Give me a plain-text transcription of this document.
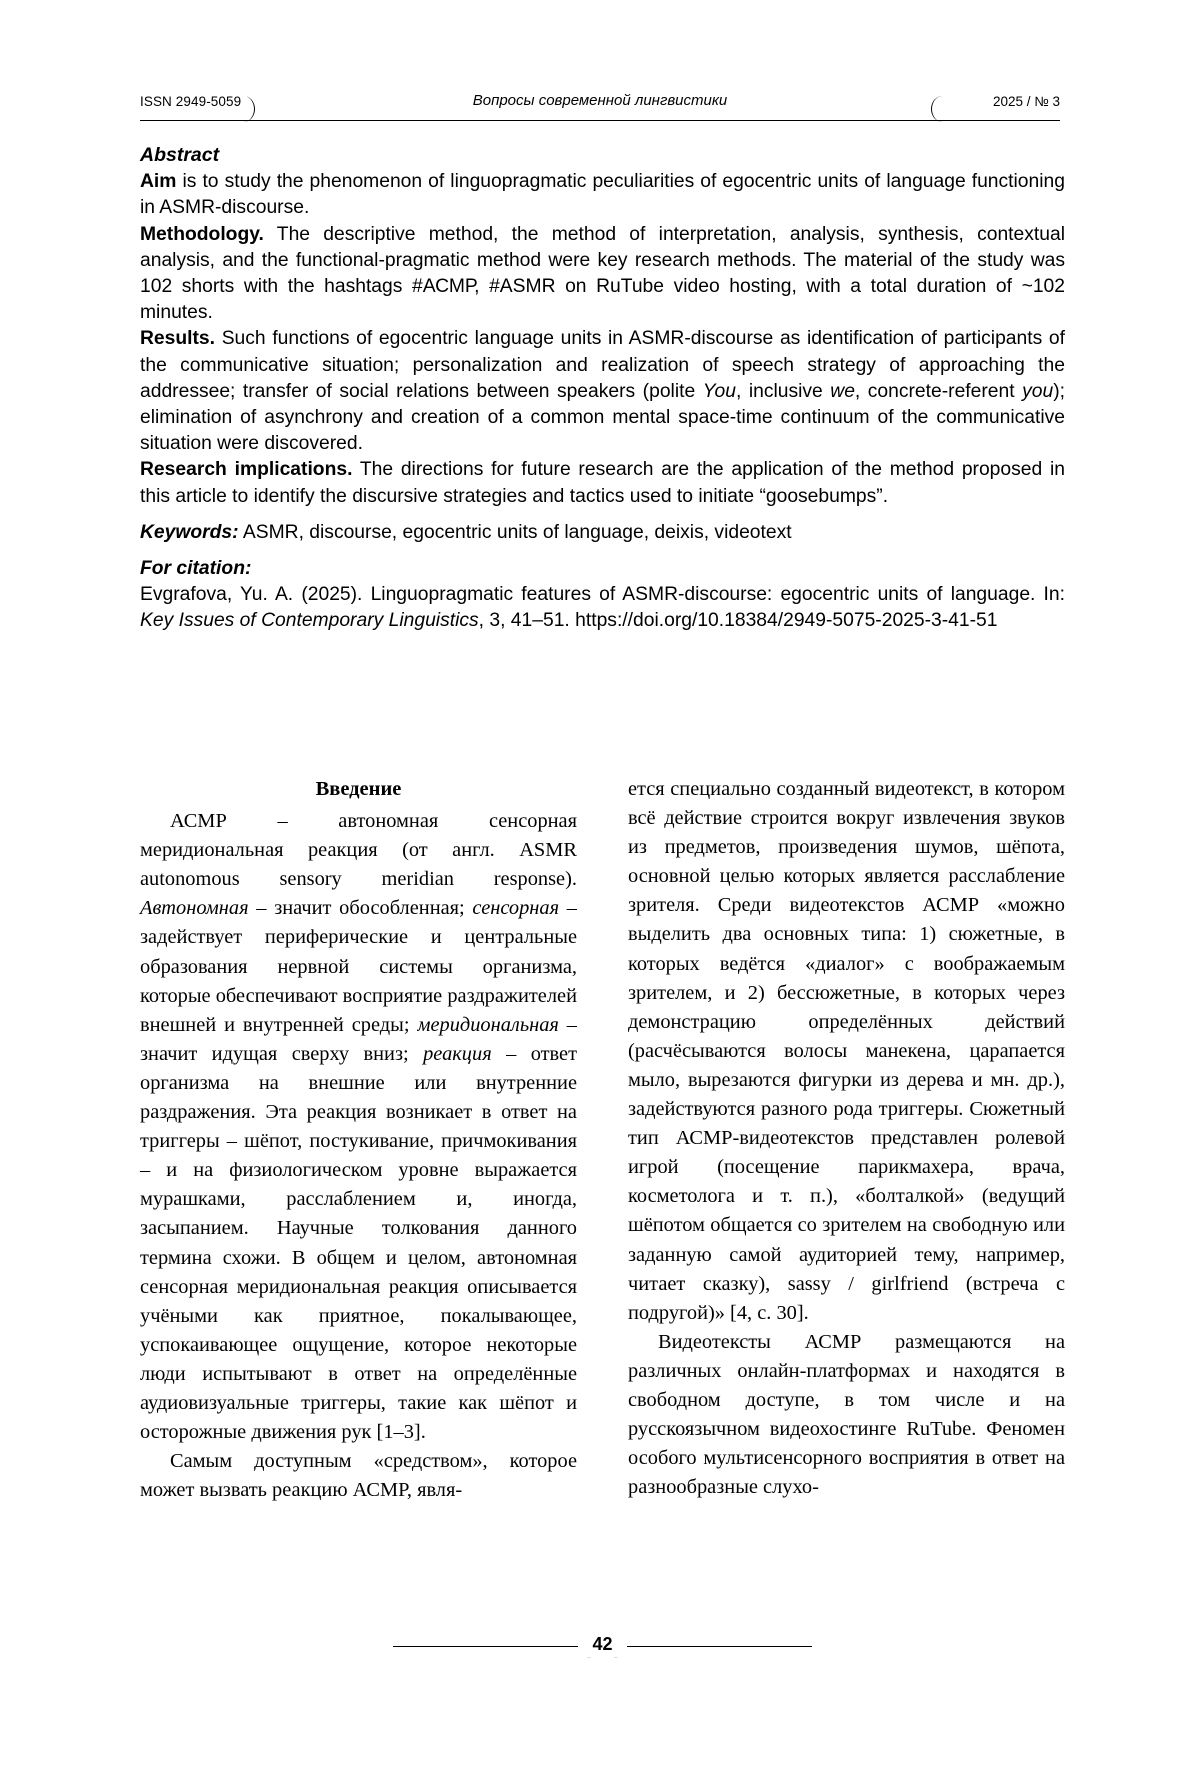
ISSN 2949-5059	Вопросы современной лингвистики	2025 / № 3
Abstract

Aim is to study the phenomenon of linguopragmatic peculiarities of egocentric units of language functioning in ASMR-discourse.

Methodology. The descriptive method, the method of interpretation, analysis, synthesis, contextual analysis, and the functional-pragmatic method were key research methods. The material of the study was 102 shorts with the hashtags #АСМР, #ASMR on RuTube video hosting, with a total duration of ~102 minutes.

Results. Such functions of egocentric language units in ASMR-discourse as identification of participants of the communicative situation; personalization and realization of speech strategy of approaching the addressee; transfer of social relations between speakers (polite You, inclusive we, concrete-referent you); elimination of asynchrony and creation of a common mental space-time continuum of the communicative situation were discovered.

Research implications. The directions for future research are the application of the method proposed in this article to identify the discursive strategies and tactics used to initiate “goosebumps”.

Keywords: ASMR, discourse, egocentric units of language, deixis, videotext

For citation:
Evgrafova, Yu. A. (2025). Linguopragmatic features of ASMR-discourse: egocentric units of language. In: Key Issues of Contemporary Linguistics, 3, 41–51. https://doi.org/10.18384/2949-5075-2025-3-41-51

Введение

АСМР – автономная сенсорная меридиональная реакция (от англ. ASMR autonomous sensory meridian response). Автономная – значит обособленная; сенсорная – задействует периферические и центральные образования нервной системы организма, которые обеспечивают восприятие раздражителей внешней и внутренней среды; меридиональная – значит идущая сверху вниз; реакция – ответ организма на внешние или внутренние раздражения. Эта реакция возникает в ответ на триггеры – шёпот, постукивание, причмокивания – и на физиологическом уровне выражается мурашками, расслаблением и, иногда, засыпанием. Научные толкования данного термина схожи. В общем и целом, автономная сенсорная меридиональная реакция описывается учёными как приятное, покалывающее, успокаивающее ощущение, которое некоторые люди испытывают в ответ на определённые аудиовизуальные триггеры, такие как шёпот и осторожные движения рук [1–3].

Самым доступным «средством», которое может вызвать реакцию АСМР, явля-

ется специально созданный видеотекст, в котором всё действие строится вокруг извлечения звуков из предметов, произведения шумов, шёпота, основной целью которых является расслабление зрителя. Среди видеотекстов АСМР «можно выделить два основных типа: 1) сюжетные, в которых ведётся «диалог» с воображаемым зрителем, и 2) бессюжетные, в которых через демонстрацию определённых действий (расчёсываются волосы манекена, царапается мыло, вырезаются фигурки из дерева и мн. др.), задействуются разного рода триггеры. Сюжетный тип АСМР-видеотекстов представлен ролевой игрой (посещение парикмахера, врача, косметолога и т. п.), «болталкой» (ведущий шёпотом общается со зрителем на свободную или заданную самой аудиторией тему, например, читает сказку), sassy / girlfriend (встреча с подругой)» [4, с. 30].

Видеотексты АСМР размещаются на различных онлайн-платформах и находятся в свободном доступе, в том числе и на русскоязычном видеохостинге RuTube. Феномен особого мультисенсорного восприятия в ответ на разнообразные слухо-

42
